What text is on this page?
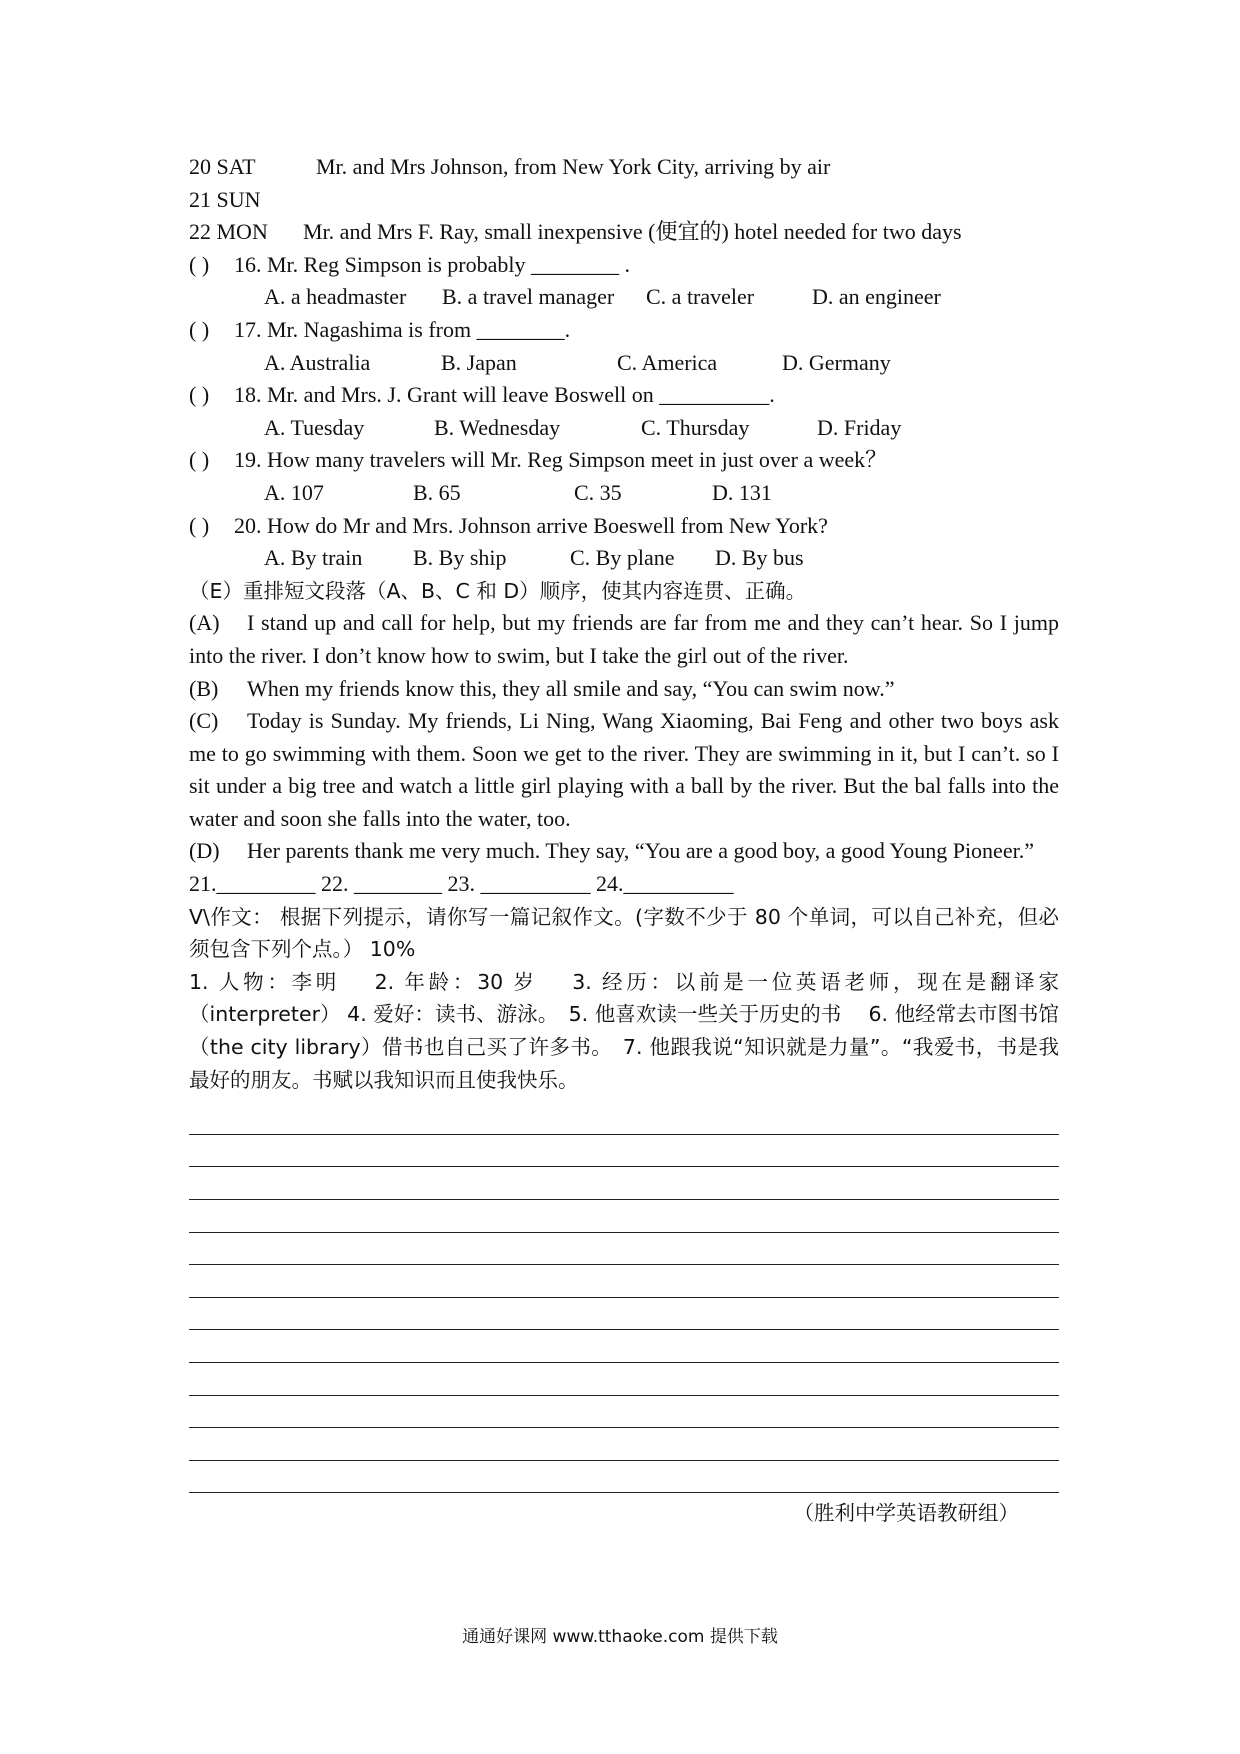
20 SAT	Mr. and Mrs Johnson, from New York City, arriving by air
21 SUN
22 MON Mr. and Mrs F. Ray, small inexpensive (便宜的) hotel needed for two days
( ) 16. Mr. Reg Simpson is probably ________ .
A. a headmaster B. a travel manager C. a traveler	D. an engineer
( ) 17. Mr. Nagashima is from ________.
A. Australia	B. Japan	C. America	D. Germany
( ) 18. Mr. and Mrs. J. Grant will leave Boswell on __________.
A. Tuesday	B. Wednesday	C. Thursday	D. Friday
( ) 19. How many travelers will Mr. Reg Simpson meet in just over a week？
A. 107	B. 65	C. 35	D. 131
( ) 20. How do Mr and Mrs. Johnson arrive Boeswell from New York?
A. By train B. By ship	C. By plane D. By bus
（E）重排短文段落（A、B、C 和 D）顺序，使其内容连贯、正确。
(A) I stand up and call for help, but my friends are far from me and they can’t hear. So I jump into the river. I don’t know how to swim, but I take the girl out of the river.
(B) When my friends know this, they all smile and say, “You can swim now.”
(C) Today is Sunday. My friends, Li Ning, Wang Xiaoming, Bai Feng and other two boys ask me to go swimming with them. Soon we get to the river. They are swimming in it, but I can’t. so I sit under a big tree and watch a little girl playing with a ball by the river. But the bal falls into the water and soon she falls into the water, too.
(D) Her parents thank me very much. They say, “You are a good boy, a good Young Pioneer.”
21._________ 22. ________ 23. __________ 24.__________
V\作文： 根据下列提示，请你写一篇记叙作文。(字数不少于 80 个单词，可以自己补充，但必须包含下列个点。） 10%
1. 人物：李明　 2. 年龄：30 岁　 3. 经历：以前是一位英语老师，现在是翻译家（interpreter） 4. 爱好：读书、游泳。　5. 他喜欢读一些关于历史的书　 6. 他经常去市图书馆（the city library）借书也自己买了许多书。　7. 他跟我说“知识就是力量”。“我爱书，书是我最好的朋友。书赋以我知识而且使我快乐。
（胜利中学英语教研组）
通通好课网 www.tthaoke.com 提供下载
